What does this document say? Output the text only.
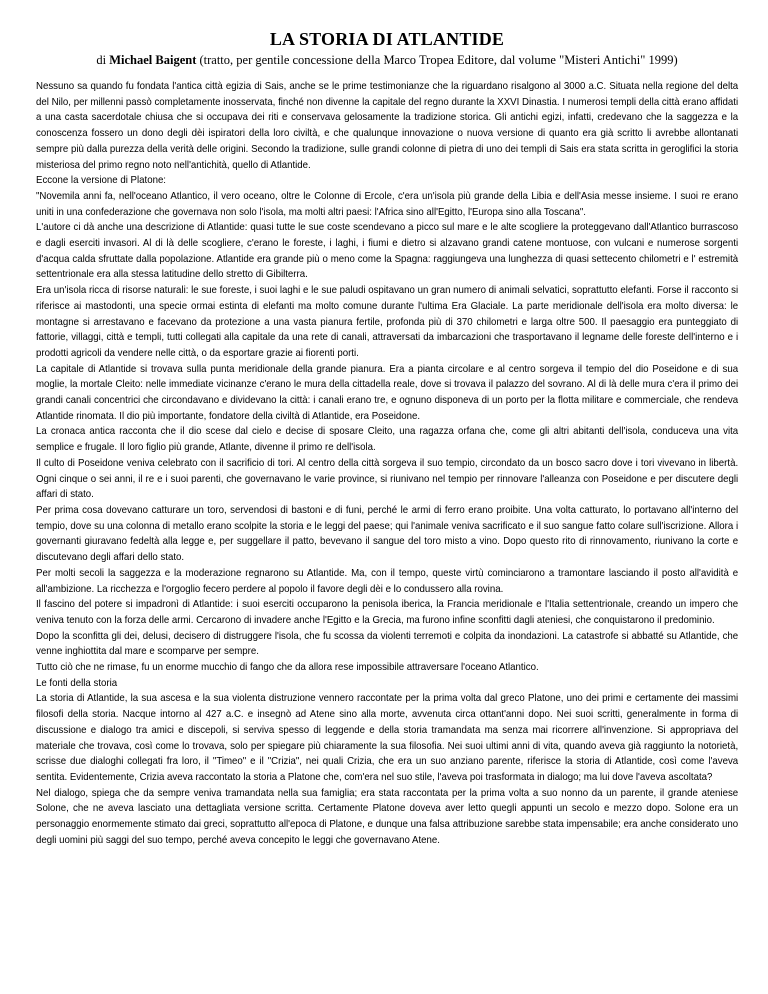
LA STORIA DI ATLANTIDE
di Michael Baigent (tratto, per gentile concessione della Marco Tropea Editore, dal volume "Misteri Antichi" 1999)

Nessuno sa quando fu fondata l'antica città egizia di Sais, anche se le prime testimonianze che la riguardano risalgono al 3000 a.C. Situata nella regione del delta del Nilo, per millenni passò completamente inosservata, finché non divenne la capitale del regno durante la XXVI Dinastia. I numerosi templi della città erano affidati a una casta sacerdotale chiusa che si occupava dei riti e conservava gelosamente la tradizione storica. Gli antichi egizi, infatti, credevano che la saggezza e la conoscenza fossero un dono degli dèi ispiratori della loro civiltà, e che qualunque innovazione o nuova versione di quanto era già scritto li avrebbe allontanati sempre più dalla purezza della verità delle origini. Secondo la tradizione, sulle grandi colonne di pietra di uno dei templi di Sais era stata scritta in geroglifici la storia misteriosa del primo regno noto nell'antichità, quello di Atlantide.

Eccone la versione di Platone:

"Novemila anni fa, nell'oceano Atlantico, il vero oceano, oltre le Colonne di Ercole, c'era un'isola più grande della Libia e dell'Asia messe insieme. I suoi re erano uniti in una confederazione che governava non solo l'isola, ma molti altri paesi: l'Africa sino all'Egitto, l'Europa sino alla Toscana".

L'autore ci dà anche una descrizione di Atlantide: quasi tutte le sue coste scendevano a picco sul mare e le alte scogliere la proteggevano dall'Atlantico burrascoso e dagli eserciti invasori. Al di là delle scogliere, c'erano le foreste, i laghi, i fiumi e dietro si alzavano grandi catene montuose, con vulcani e numerose sorgenti d'acqua calda sfruttate dalla popolazione. Atlantide era grande più o meno come la Spagna: raggiungeva una lunghezza di quasi settecento chilometri e l' estremità settentrionale era alla stessa latitudine dello stretto di Gibilterra.

Era un'isola ricca di risorse naturali: le sue foreste, i suoi laghi e le sue paludi ospitavano un gran numero di animali selvatici, soprattutto elefanti. Forse il racconto si riferisce ai mastodonti, una specie ormai estinta di elefanti ma molto comune durante l'ultima Era Glaciale. La parte meridionale dell'isola era molto diversa: le montagne si arrestavano e facevano da protezione a una vasta pianura fertile, profonda più di 370 chilometri e larga oltre 500. Il paesaggio era punteggiato di fattorie, villaggi, città e templi, tutti collegati alla capitale da una rete di canali, attraversati da imbarcazioni che trasportavano il legname delle foreste dell'interno e i prodotti agricoli da vendere nelle città, o da esportare grazie ai fiorenti porti.

La capitale di Atlantide si trovava sulla punta meridionale della grande pianura. Era a pianta circolare e al centro sorgeva il tempio del dio Poseidone e di sua moglie, la mortale Cleito: nelle immediate vicinanze c'erano le mura della cittadella reale, dove si trovava il palazzo del sovrano. Al di là delle mura c'era il primo dei grandi canali concentrici che circondavano e dividevano la città: i canali erano tre, e ognuno disponeva di un porto per la flotta militare e commerciale, che rendeva Atlantide rinomata. Il dio più importante, fondatore della civiltà di Atlantide, era Poseidone.

La cronaca antica racconta che il dio scese dal cielo e decise di sposare Cleito, una ragazza orfana che, come gli altri abitanti dell'isola, conduceva una vita semplice e frugale. Il loro figlio più grande, Atlante, divenne il primo re dell'isola.

Il culto di Poseidone veniva celebrato con il sacrificio di tori. Al centro della città sorgeva il suo tempio, circondato da un bosco sacro dove i tori vivevano in libertà. Ogni cinque o sei anni, il re e i suoi parenti, che governavano le varie province, si riunivano nel tempio per rinnovare l'alleanza con Poseidone e per discutere degli affari di stato.

Per prima cosa dovevano catturare un toro, servendosi di bastoni e di funi, perché le armi di ferro erano proibite. Una volta catturato, lo portavano all'interno del tempio, dove su una colonna di metallo erano scolpite la storia e le leggi del paese; qui l'animale veniva sacrificato e il suo sangue fatto colare sull'iscrizione. Allora i governanti giuravano fedeltà alla legge e, per suggellare il patto, bevevano il sangue del toro misto a vino. Dopo questo rito di rinnovamento, riunivano la corte e discutevano degli affari dello stato.

Per molti secoli la saggezza e la moderazione regnarono su Atlantide. Ma, con il tempo, queste virtù cominciarono a tramontare lasciando il posto all'avidità e all'ambizione. La ricchezza e l'orgoglio fecero perdere al popolo il favore degli dèi e lo condussero alla rovina.

Il fascino del potere si impadronì di Atlantide: i suoi eserciti occuparono la penisola iberica, la Francia meridionale e l'Italia settentrionale, creando un impero che veniva tenuto con la forza delle armi. Cercarono di invadere anche l'Egitto e la Grecia, ma furono infine sconfitti dagli ateniesi, che conquistarono il predominio.

Dopo la sconfitta gli dei, delusi, decisero di distruggere l'isola, che fu scossa da violenti terremoti e colpita da inondazioni. La catastrofe si abbatté su Atlantide, che venne inghiottita dal mare e scomparve per sempre.

Tutto ciò che ne rimase, fu un enorme mucchio di fango che da allora rese impossibile attraversare l'oceano Atlantico.

Le fonti della storia

La storia di Atlantide, la sua ascesa e la sua violenta distruzione vennero raccontate per la prima volta dal greco Platone, uno dei primi e certamente dei massimi filosofi della storia. Nacque intorno al 427 a.C. e insegnò ad Atene sino alla morte, avvenuta circa ottant'anni dopo. Nei suoi scritti, generalmente in forma di discussione e dialogo tra amici e discepoli, si serviva spesso di leggende e della storia tramandata ma senza mai ricorrere all'invenzione. Si appropriava del materiale che trovava, così come lo trovava, solo per spiegare più chiaramente la sua filosofia. Nei suoi ultimi anni di vita, quando aveva già raggiunto la notorietà, scrisse due dialoghi collegati fra loro, il "Timeo" e il "Crizia", nei quali Crizia, che era un suo anziano parente, riferisce la storia di Atlantide, così come l'aveva sentita. Evidentemente, Crizia aveva raccontato la storia a Platone che, com'era nel suo stile, l'aveva poi trasformata in dialogo; ma lui dove l'aveva ascoltata?

Nel dialogo, spiega che da sempre veniva tramandata nella sua famiglia; era stata raccontata per la prima volta a suo nonno da un parente, il grande ateniese Solone, che ne aveva lasciato una dettagliata versione scritta. Certamente Platone doveva aver letto quegli appunti un secolo e mezzo dopo. Solone era un personaggio enormemente stimato dai greci, soprattutto all'epoca di Platone, e dunque una falsa attribuzione sarebbe stata impensabile; era anche considerato uno degli uomini più saggi del suo tempo, perché aveva concepito le leggi che governavano Atene.
